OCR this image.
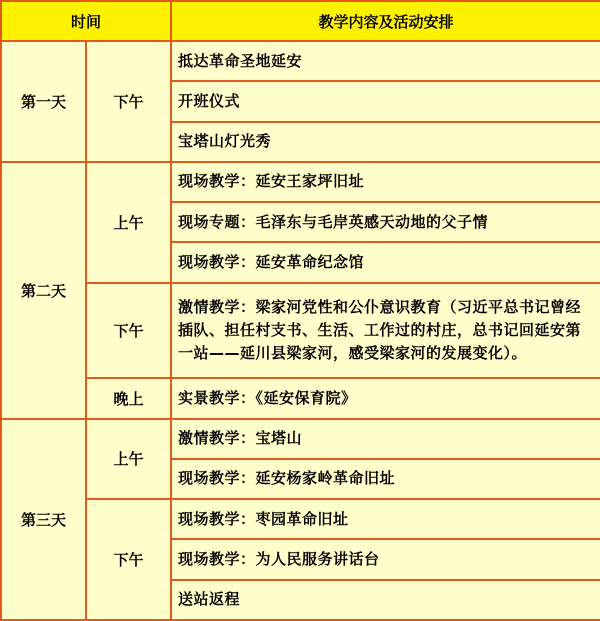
时间		教学内容及活动安排
第一天	下午	抵达革命圣地延安
		开班仪式
		宝塔山灯光秀
第二天	上午	现场教学：延安王家坪旧址
		现场专题：毛泽东与毛岸英感天动地的父子情
		现场教学：延安革命纪念馆
	下午	激情教学：梁家河党性和公仆意识教育（习近平总书记曾经插队、担任村支书、生活、工作过的村庄，总书记回延安第一站——延川县梁家河，感受梁家河的发展变化）。
	晚上	实景教学：《延安保育院》
第三天	上午	激情教学：宝塔山
		现场教学：延安杨家岭革命旧址
	下午	现场教学：枣园革命旧址
		现场教学：为人民服务讲话台
		送站返程
